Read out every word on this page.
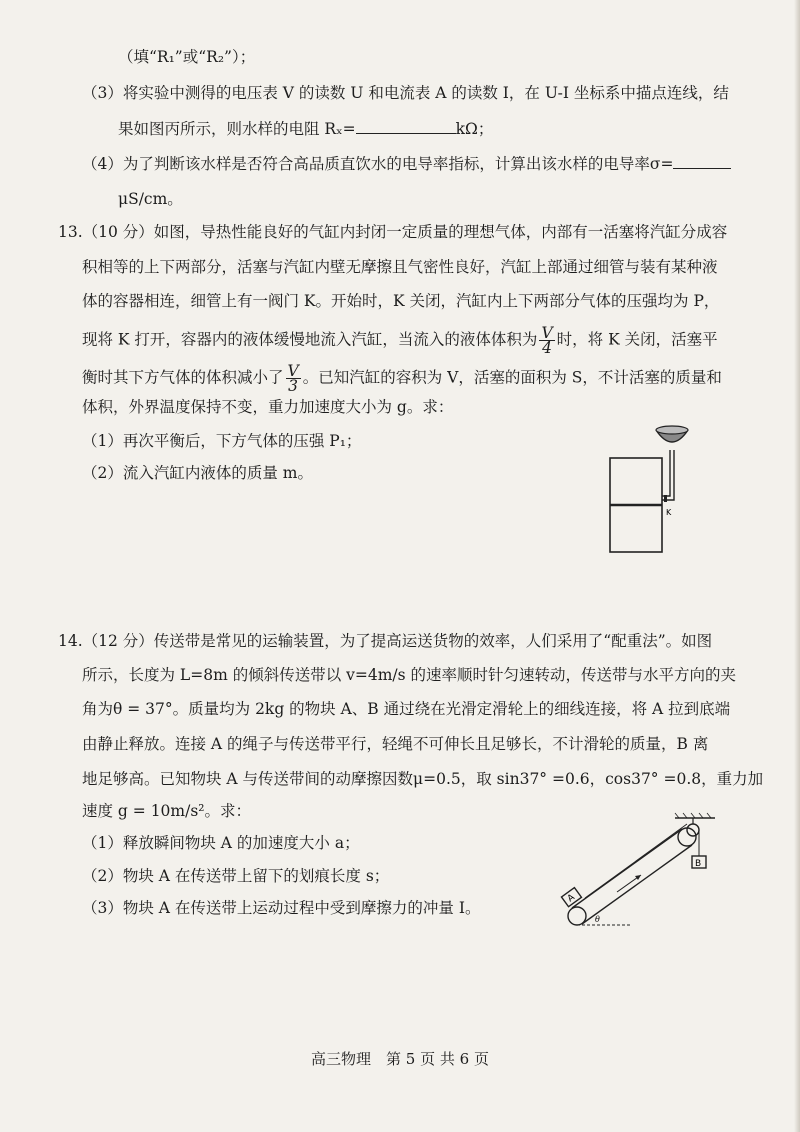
（填“R₁”或“R₂”）；
（3）将实验中测得的电压表 V 的读数 U 和电流表 A 的读数 I，在 U-I 坐标系中描点连线，结
果如图丙所示，则水样的电阻 Rₓ=	kΩ；
（4）为了判断该水样是否符合高品质直饮水的电导率指标，计算出该水样的电导率σ=
μS/cm。
13.（10 分）如图，导热性能良好的气缸内封闭一定质量的理想气体，内部有一活塞将汽缸分成容
积相等的上下两部分，活塞与汽缸内壁无摩擦且气密性良好，汽缸上部通过细管与装有某种液
体的容器相连，细管上有一阀门 K。开始时，K 关闭，汽缸内上下两部分气体的压强均为 P，
现将 K 打开，容器内的液体缓慢地流入汽缸，当流入的液体体积为 $\frac{V}{4}$ 时，将 K 关闭，活塞平
衡时其下方气体的体积减小了 $\frac{V}{3}$ 。已知汽缸的容积为 V，活塞的面积为 S，不计活塞的质量和
体积，外界温度保持不变，重力加速度大小为 g。求：
（1）再次平衡后，下方气体的压强 P₁；
（2）流入汽缸内液体的质量 m。
K
14.（12 分）传送带是常见的运输装置，为了提高运送货物的效率，人们采用了“配重法”。如图
所示，长度为 L=8m 的倾斜传送带以 v=4m/s 的速率顺时针匀速转动，传送带与水平方向的夹
角为θ = 37°。质量均为 2kg 的物块 A、B 通过绕在光滑定滑轮上的细线连接，将 A 拉到底端
由静止释放。连接 A 的绳子与传送带平行，轻绳不可伸长且足够长，不计滑轮的质量，B 离
地足够高。已知物块 A 与传送带间的动摩擦因数μ=0.5，取 sin37° =0.6，cos37° =0.8，重力加
速度 g = 10m/s²。求：
（1）释放瞬间物块 A 的加速度大小 a；
（2）物块 A 在传送带上留下的划痕长度 s；
（3）物块 A 在传送带上运动过程中受到摩擦力的冲量 I。
B
A
θ
高三物理　第 5 页 共 6 页
